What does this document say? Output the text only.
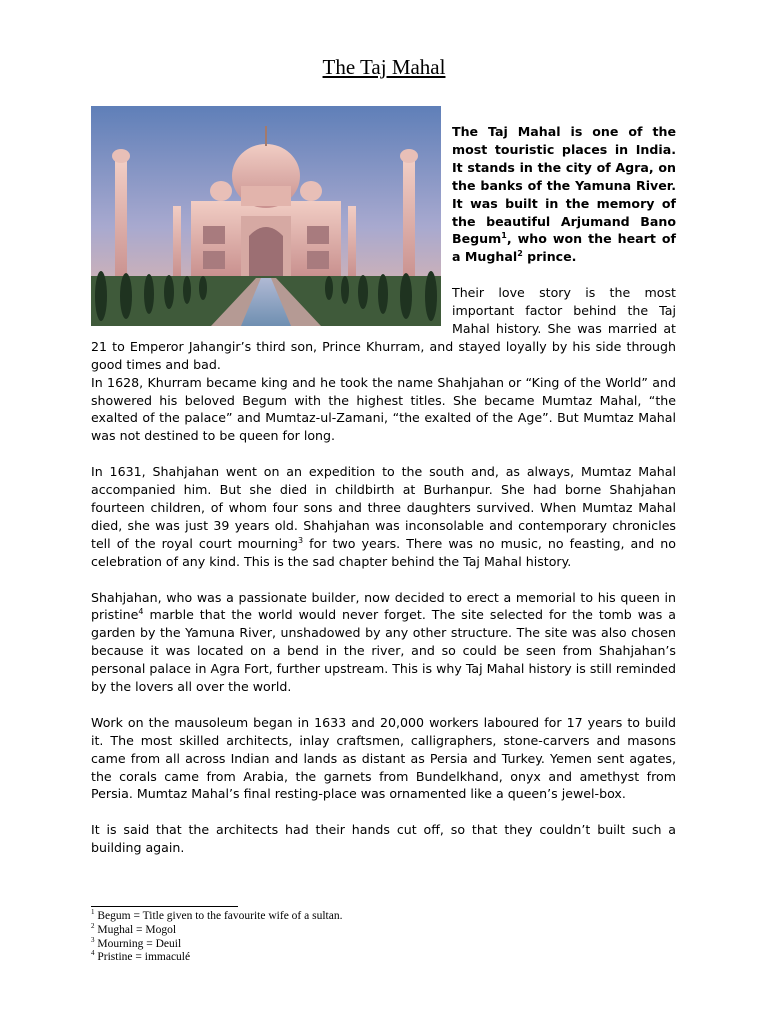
The Taj Mahal

The Taj Mahal is one of the most touristic places in India. It stands in the city of Agra, on the banks of the Yamuna River. It was built in the memory of the beautiful Arjumand Bano Begum$^1$, who won the heart of a Mughal$^2$ prince.

Their love story is the most important factor behind the Taj Mahal history. She was married at 21 to Emperor Jahangir’s third son, Prince Khurram, and stayed loyally by his side through good times and bad.

In 1628, Khurram became king and he took the name Shahjahan or “King of the World” and showered his beloved Begum with the highest titles. She became Mumtaz Mahal, “the exalted of the palace” and Mumtaz-ul-Zamani, “the exalted of the Age”. But Mumtaz Mahal was not destined to be queen for long.

In 1631, Shahjahan went on an expedition to the south and, as always, Mumtaz Mahal accompanied him. But she died in childbirth at Burhanpur. She had borne Shahjahan fourteen children, of whom four sons and three daughters survived. When Mumtaz Mahal died, she was just 39 years old. Shahjahan was inconsolable and contemporary chronicles tell of the royal court mourning$^3$ for two years. There was no music, no feasting, and no celebration of any kind. This is the sad chapter behind the Taj Mahal history.

Shahjahan, who was a passionate builder, now decided to erect a memorial to his queen in pristine$^4$ marble that the world would never forget. The site selected for the tomb was a garden by the Yamuna River, unshadowed by any other structure. The site was also chosen because it was located on a bend in the river, and so could be seen from Shahjahan’s personal palace in Agra Fort, further upstream. This is why Taj Mahal history is still reminded by the lovers all over the world.

Work on the mausoleum began in 1633 and 20,000 workers laboured for 17 years to build it. The most skilled architects, inlay craftsmen, calligraphers, stone-carvers and masons came from all across Indian and lands as distant as Persia and Turkey. Yemen sent agates, the corals came from Arabia, the garnets from Bundelkhand, onyx and amethyst from Persia. Mumtaz Mahal’s final resting-place was ornamented like a queen’s jewel-box.

It is said that the architects had their hands cut off, so that they couldn’t built such a building again.

$^1$ Begum = Title given to the favourite wife of a sultan.
$^2$ Mughal = Mogol
$^3$ Mourning = Deuil
$^4$ Pristine = immaculé
